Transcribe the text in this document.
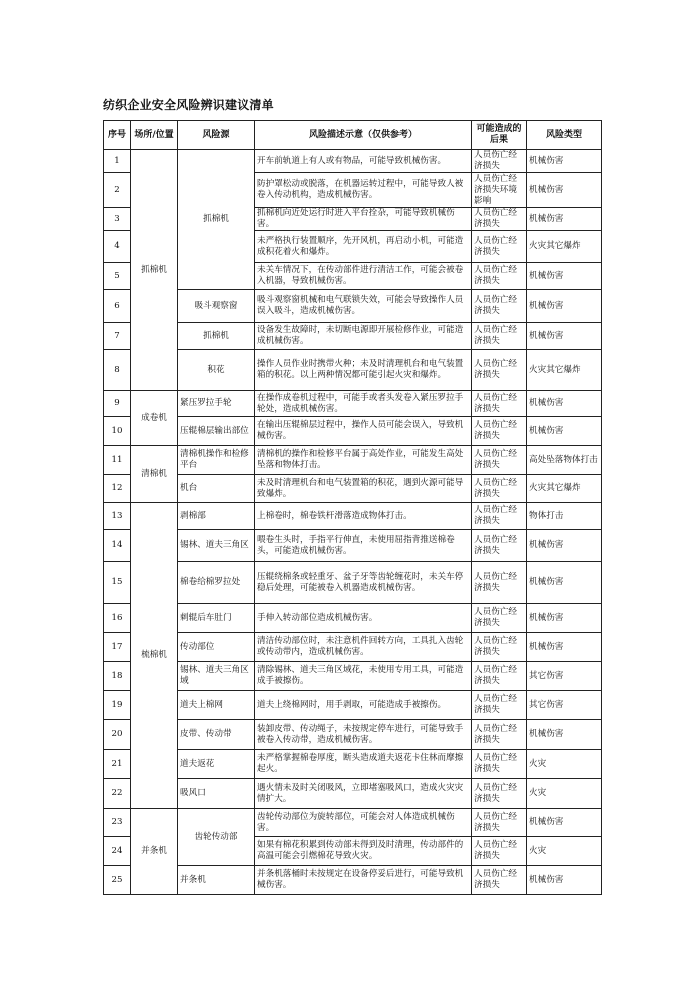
纺织企业安全风险辨识建议清单
序号	场所/位置	风险源	风险描述示意（仅供参考）	可能造成的后果	风险类型
1	抓棉机	抓棉机	开车前轨道上有人或有物品，可能导致机械伤害。	人员伤亡经济损失	机械伤害
2			防护罩松动或脱落，在机器运转过程中，可能导致人被卷入传动机构，造成机械伤害。	人员伤亡经济损失环境影响	机械伤害
3			抓棉机向近处运行时进入平台拴杂，可能导致机械伤害。	人员伤亡经济损失	机械伤害
4			未严格执行装置顺序，先开风机，再启动小机，可能造成积花着火和爆炸。	人员伤亡经济损失	火灾其它爆炸
5			未关车情况下，在传动部件进行清洁工作，可能会被卷入机器，导致机械伤害。	人员伤亡经济损失	机械伤害
6		吸斗观察窗	吸斗观察窗机械和电气联锁失效，可能会导致操作人员误入吸斗，造成机械伤害。	人员伤亡经济损失	机械伤害
7		抓棉机	设备发生故障时，未切断电源即开展检修作业，可能造成机械伤害。	人员伤亡经济损失	机械伤害
8		积花	操作人员作业时携带火种；未及时清理机台和电气装置箱的积花。以上两种情况都可能引起火灾和爆炸。	人员伤亡经济损失	火灾其它爆炸
9	成卷机	紧压罗拉手轮	在操作成卷机过程中，可能手或者头发卷入紧压罗拉手轮处，造成机械伤害。	人员伤亡经济损失	机械伤害
10		压辊棉层输出部位	在输出压辊棉层过程中，操作人员可能会误入，导致机械伤害。	人员伤亡经济损失	机械伤害
11	清棉机	清棉机操作和检修平台	清棉机的操作和检修平台属于高处作业，可能发生高处坠落和物体打击。	人员伤亡经济损失	高处坠落物体打击
12		机台	未及时清理机台和电气装置箱的积花，遇到火源可能导致爆炸。	人员伤亡经济损失	火灾其它爆炸
13	梳棉机	剥棉部	上棉卷时，棉卷铁杆滑落造成物体打击。	人员伤亡经济损失	物体打击
14		锡林、道夫三角区	喂卷生头时，手指平行伸直，未使用屈指背推送棉卷头，可能造成机械伤害。	人员伤亡经济损失	机械伤害
15		棉卷给棉罗拉处	压辊绕棉条或轻重牙、盆子牙等齿轮缠花时，未关车停稳后处理，可能被卷入机器造成机械伤害。	人员伤亡经济损失	机械伤害
16		刺辊后车肚门	手伸入转动部位造成机械伤害。	人员伤亡经济损失	机械伤害
17		传动部位	清洁传动部位时，未注意机件回转方向，工具扎入齿轮或传动带内，造成机械伤害。	人员伤亡经济损失	机械伤害
18		锡林、道夫三角区域	清除锡林、道夫三角区域花，未使用专用工具，可能造成手被擦伤。	人员伤亡经济损失	其它伤害
19		道夫上棉网	道夫上绕棉网时，用手剥取，可能造成手被擦伤。	人员伤亡经济损失	其它伤害
20		皮带、传动带	装卸皮带、传动绳子，未按规定停车进行，可能导致手被卷入传动带，造成机械伤害。	人员伤亡经济损失	机械伤害
21		道夫返花	未严格掌握棉卷厚度，断头造成道夫返花卡住林而摩擦起火。	人员伤亡经济损失	火灾
22		吸风口	遇火情未及时关闭吸风，立即堵塞吸风口，造成火灾灾情扩大。	人员伤亡经济损失	火灾
23	并条机	齿轮传动部	齿轮传动部位为旋转部位，可能会对人体造成机械伤害。	人员伤亡经济损失	机械伤害
24			如果有棉花积累到传动部未得到及时清理，传动部件的高温可能会引燃棉花导致火灾。	人员伤亡经济损失	火灾
25		并条机	并条机落桶时未按规定在设备停妥后进行，可能导致机械伤害。	人员伤亡经济损失	机械伤害
